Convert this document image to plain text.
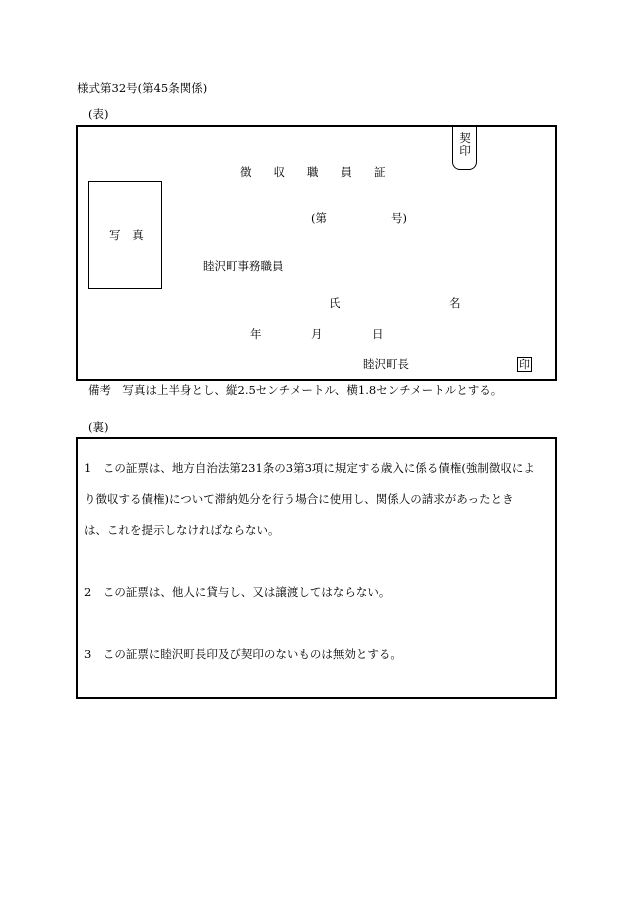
様式第32号(第45条関係)
(表)
契印
徴収職員証
写 真
(第	号)
睦沢町事務職員
氏	名
年	月	日
睦沢町長	印
備考　写真は上半身とし、縦2.5センチメートル、横1.8センチメートルとする。
(裏)
1　この証票は、地方自治法第231条の3第3項に規定する歳入に係る債権(強制徴収によ
り徴収する債権)について滞納処分を行う場合に使用し、関係人の請求があったとき
は、これを提示しなければならない。
2　この証票は、他人に貸与し、又は譲渡してはならない。
3　この証票に睦沢町長印及び契印のないものは無効とする。
